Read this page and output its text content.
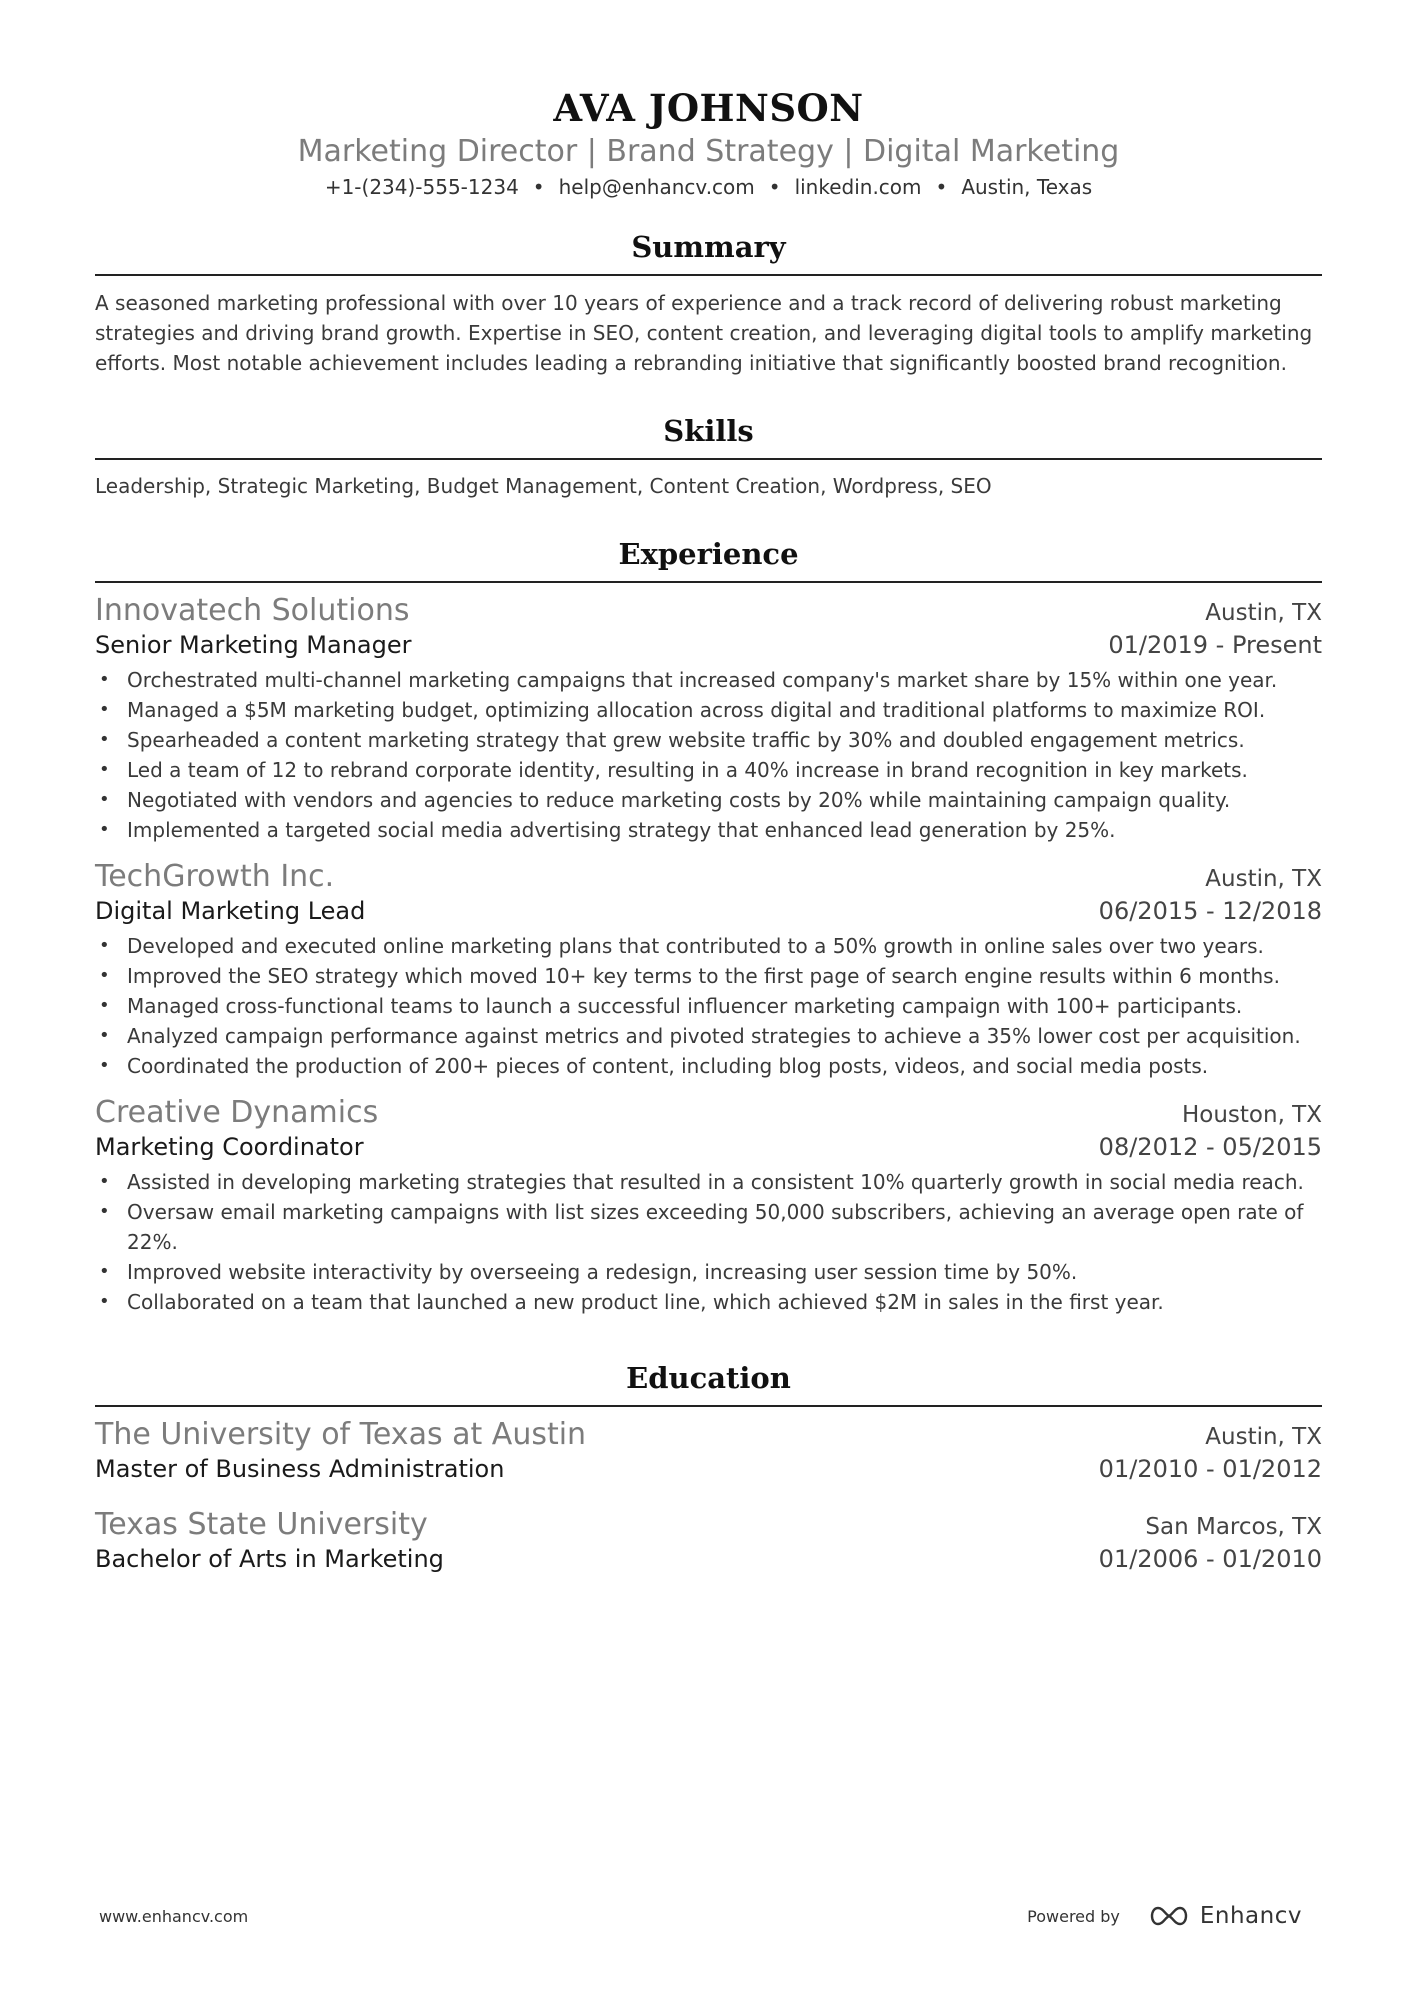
AVA JOHNSON
Marketing Director | Brand Strategy | Digital Marketing
+1-(234)-555-1234 • help@enhancv.com • linkedin.com • Austin, Texas
Summary
A seasoned marketing professional with over 10 years of experience and a track record of delivering robust marketing strategies and driving brand growth. Expertise in SEO, content creation, and leveraging digital tools to amplify marketing efforts. Most notable achievement includes leading a rebranding initiative that significantly boosted brand recognition.
Skills
Leadership, Strategic Marketing, Budget Management, Content Creation, Wordpress, SEO
Experience
Innovatech Solutions	Austin, TX
Senior Marketing Manager	01/2019 - Present
• Orchestrated multi-channel marketing campaigns that increased company's market share by 15% within one year.
• Managed a $5M marketing budget, optimizing allocation across digital and traditional platforms to maximize ROI.
• Spearheaded a content marketing strategy that grew website traffic by 30% and doubled engagement metrics.
• Led a team of 12 to rebrand corporate identity, resulting in a 40% increase in brand recognition in key markets.
• Negotiated with vendors and agencies to reduce marketing costs by 20% while maintaining campaign quality.
• Implemented a targeted social media advertising strategy that enhanced lead generation by 25%.
TechGrowth Inc.	Austin, TX
Digital Marketing Lead	06/2015 - 12/2018
• Developed and executed online marketing plans that contributed to a 50% growth in online sales over two years.
• Improved the SEO strategy which moved 10+ key terms to the first page of search engine results within 6 months.
• Managed cross-functional teams to launch a successful influencer marketing campaign with 100+ participants.
• Analyzed campaign performance against metrics and pivoted strategies to achieve a 35% lower cost per acquisition.
• Coordinated the production of 200+ pieces of content, including blog posts, videos, and social media posts.
Creative Dynamics	Houston, TX
Marketing Coordinator	08/2012 - 05/2015
• Assisted in developing marketing strategies that resulted in a consistent 10% quarterly growth in social media reach.
• Oversaw email marketing campaigns with list sizes exceeding 50,000 subscribers, achieving an average open rate of 22%.
• Improved website interactivity by overseeing a redesign, increasing user session time by 50%.
• Collaborated on a team that launched a new product line, which achieved $2M in sales in the first year.
Education
The University of Texas at Austin	Austin, TX
Master of Business Administration	01/2010 - 01/2012
Texas State University	San Marcos, TX
Bachelor of Arts in Marketing	01/2006 - 01/2010
www.enhancv.com	Powered by	Enhancv
